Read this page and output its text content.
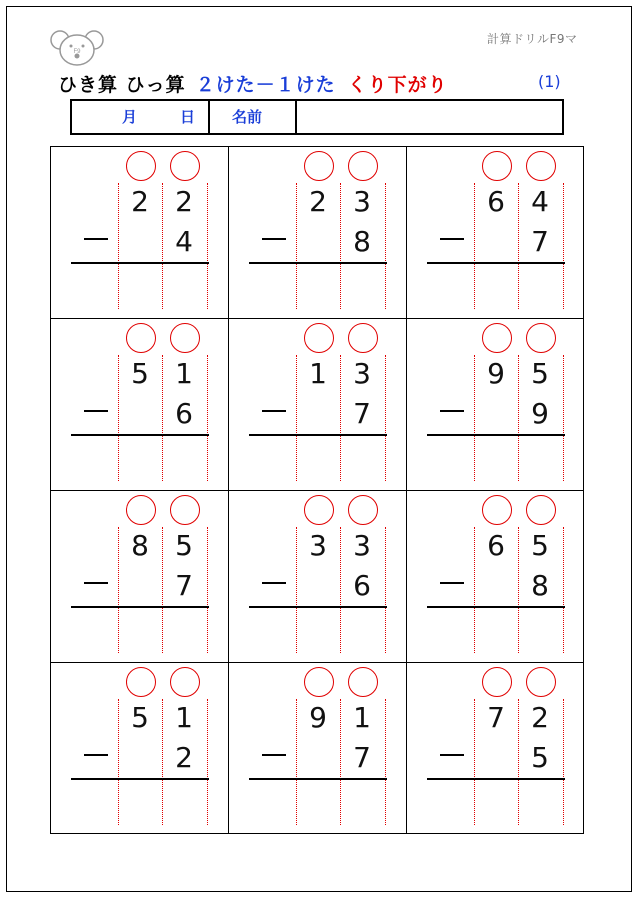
F9
計算ドリルF9マ
ひき算 ひっ算 ２けた－１けた くり下がり	(1)
月	日 名前
2 2
4
2 3
8
6 4
7
5 1
6
1 3
7
9 5
9
8 5
7
3 3
6
6 5
8
5 1
2
9 1
7
7 2
5
